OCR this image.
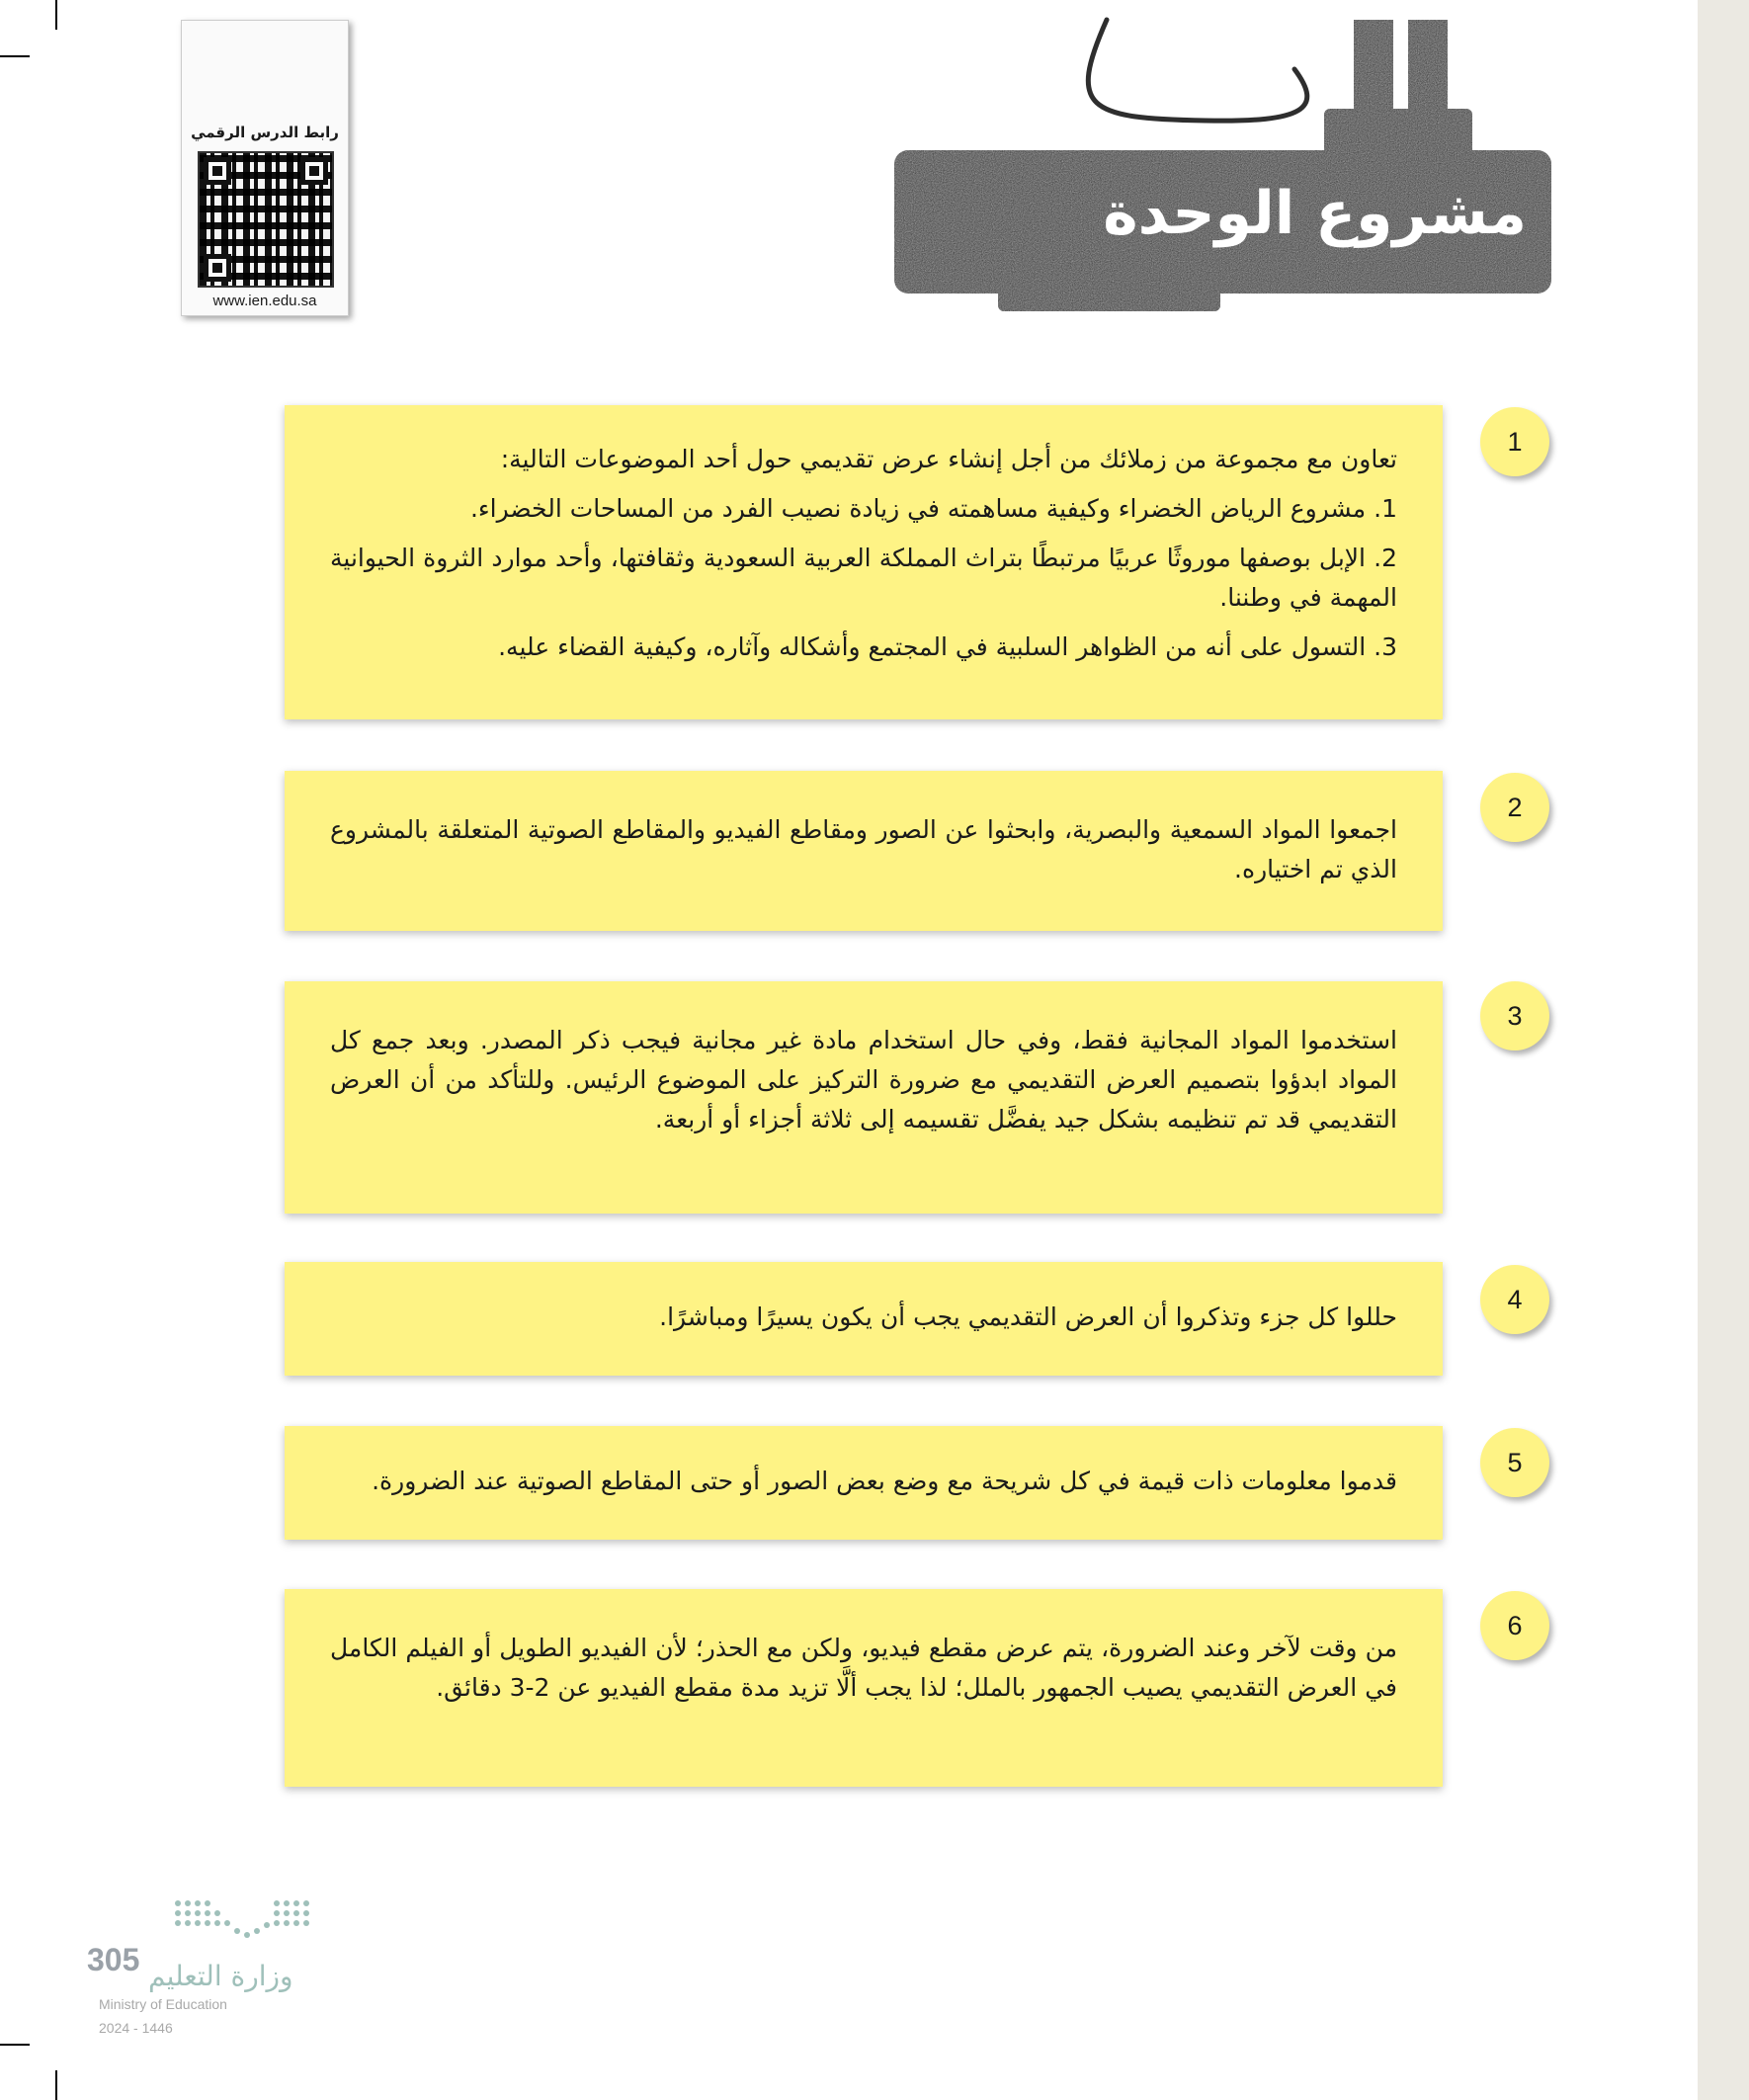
رابط الدرس الرقمي
www.ien.edu.sa
مشروع الوحدة

تعاون مع مجموعة من زملائك من أجل إنشاء عرض تقديمي حول أحد الموضوعات التالية:

1. مشروع الرياض الخضراء وكيفية مساهمته في زيادة نصيب الفرد من المساحات الخضراء.

2. الإبل بوصفها موروثًا عربيًا مرتبطًا بتراث المملكة العربية السعودية وثقافتها، وأحد موارد الثروة الحيوانية المهمة في وطننا.

3. التسول على أنه من الظواهر السلبية في المجتمع وأشكاله وآثاره، وكيفية القضاء عليه.

1

اجمعوا المواد السمعية والبصرية، وابحثوا عن الصور ومقاطع الفيديو والمقاطع الصوتية المتعلقة بالمشروع الذي تم اختياره.

2

استخدموا المواد المجانية فقط، وفي حال استخدام مادة غير مجانية فيجب ذكر المصدر. وبعد جمع كل المواد ابدؤوا بتصميم العرض التقديمي مع ضرورة التركيز على الموضوع الرئيس. وللتأكد من أن العرض التقديمي قد تم تنظيمه بشكل جيد يفضَّل تقسيمه إلى ثلاثة أجزاء أو أربعة.

3

حللوا كل جزء وتذكروا أن العرض التقديمي يجب أن يكون يسيرًا ومباشرًا.

4

قدموا معلومات ذات قيمة في كل شريحة مع وضع بعض الصور أو حتى المقاطع الصوتية عند الضرورة.

5

من وقت لآخر وعند الضرورة، يتم عرض مقطع فيديو، ولكن مع الحذر؛ لأن الفيديو الطويل أو الفيلم الكامل في العرض التقديمي يصيب الجمهور بالملل؛ لذا يجب ألَّا تزيد مدة مقطع الفيديو عن 2-3 دقائق.

6
305 وزارة التعليم
Ministry of Education
2024 - 1446
